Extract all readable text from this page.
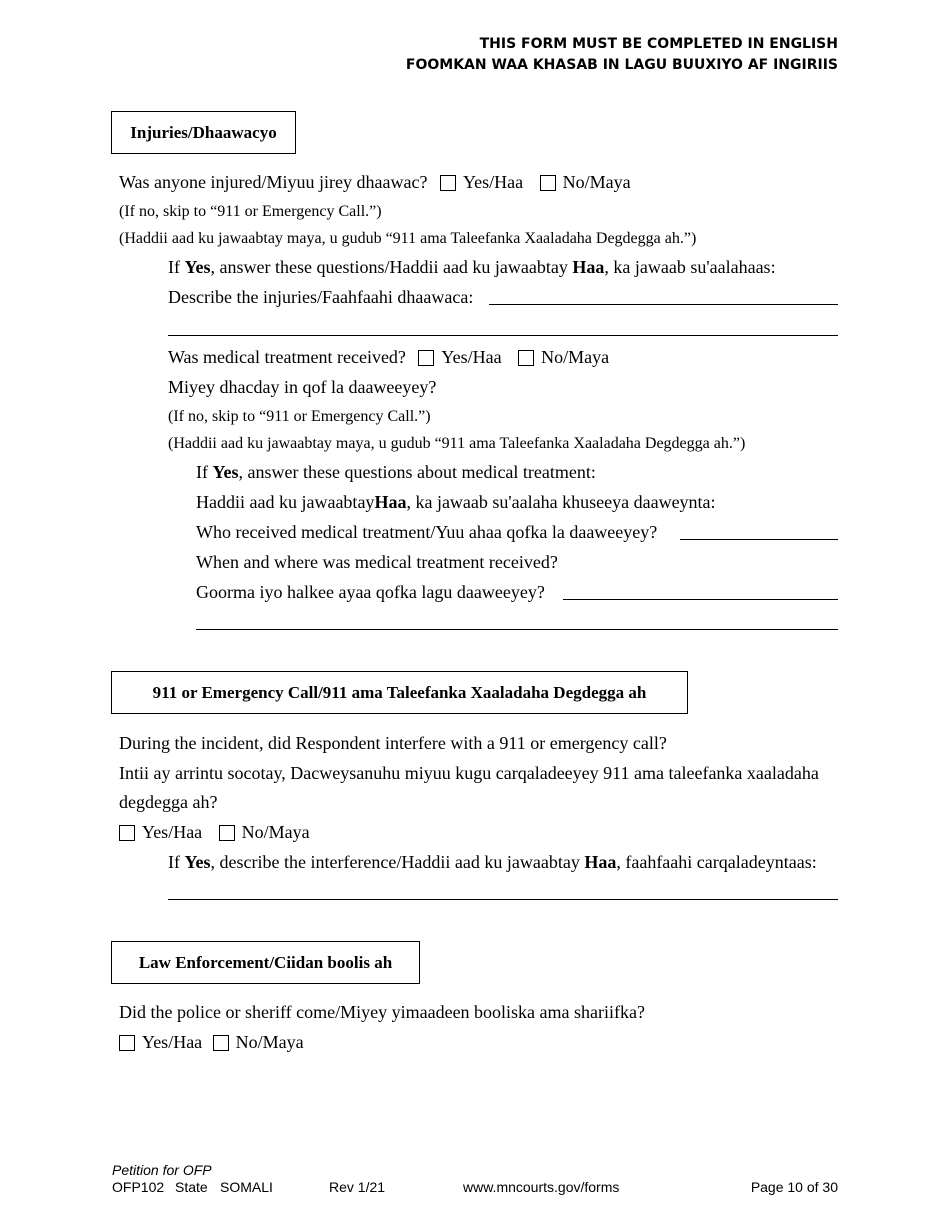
THIS FORM MUST BE COMPLETED IN ENGLISH
FOOMKAN WAA KHASAB IN LAGU BUUXIYO AF INGIRIIS
Injuries/Dhaawacyo
Was anyone injured/Miyuu jirey dhaawac? Yes/Haa No/Maya
(If no, skip to “911 or Emergency Call.”)
(Haddii aad ku jawaabtay maya, u gudub “911 ama Taleefanka Xaaladaha Degdegga ah.”)
If Yes, answer these questions/Haddii aad ku jawaabtay Haa, ka jawaab su'aalahaas:
Describe the injuries/Faahfaahi dhaawaca:
Was medical treatment received? Yes/Haa No/Maya
Miyey dhacday in qof la daaweeyey?
(If no, skip to “911 or Emergency Call.”)
(Haddii aad ku jawaabtay maya, u gudub “911 ama Taleefanka Xaaladaha Degdegga ah.”)
If Yes, answer these questions about medical treatment:
Haddii aad ku jawaabtayHaa, ka jawaab su'aalaha khuseeya daaweynta:
Who received medical treatment/Yuu ahaa qofka la daaweeyey?
When and where was medical treatment received?
Goorma iyo halkee ayaa qofka lagu daaweeyey?
911 or Emergency Call/911 ama Taleefanka Xaaladaha Degdegga ah
During the incident, did Respondent interfere with a 911 or emergency call?
Intii ay arrintu socotay, Dacweysanuhu miyuu kugu carqaladeeyey 911 ama taleefanka xaaladaha
degdegga ah?
Yes/Haa No/Maya
If Yes, describe the interference/Haddii aad ku jawaabtay Haa, faahfaahi carqaladeyntaas:
Law Enforcement/Ciidan boolis ah
Did the police or sheriff come/Miyey yimaadeen booliska ama shariifka?
Yes/Haa No/Maya
Petition for OFP
OFP102 State SOMALI	Rev 1/21	www.mncourts.gov/forms	Page 10 of 30
